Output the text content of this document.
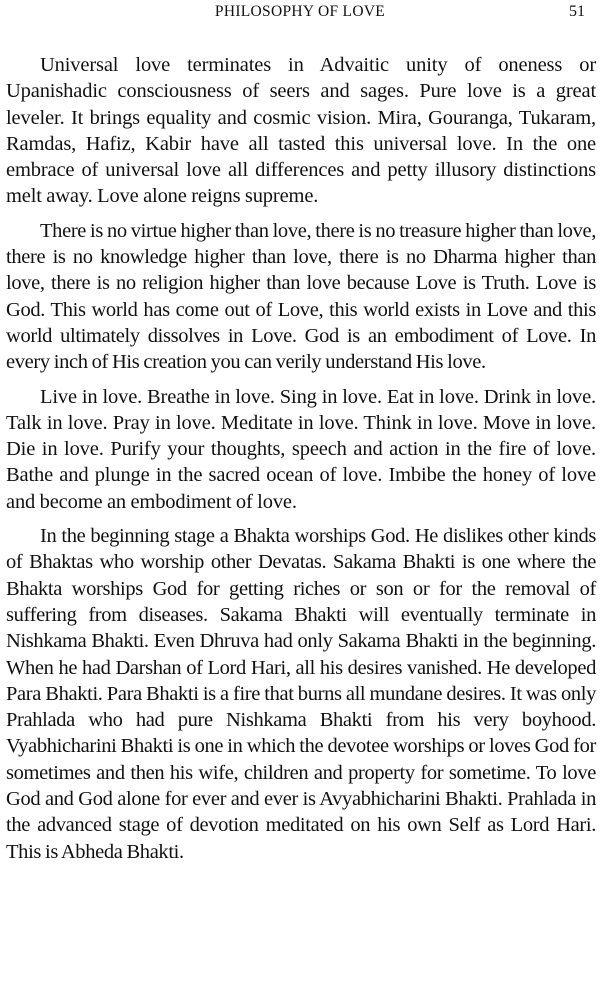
PHILOSOPHY OF LOVE	51

Universal love terminates in Advaitic unity of oneness or Upanishadic consciousness of seers and sages. Pure love is a great leveler. It brings equality and cosmic vision. Mira, Gouranga, Tukaram, Ramdas, Hafiz, Kabir have all tasted this universal love. In the one embrace of universal love all differences and petty illusory distinctions melt away. Love alone reigns supreme.

There is no virtue higher than love, there is no treasure higher than love, there is no knowledge higher than love, there is no Dharma higher than love, there is no religion higher than love because Love is Truth. Love is God. This world has come out of Love, this world exists in Love and this world ultimately dissolves in Love. God is an embodiment of Love. In every inch of His creation you can verily understand His love.

Live in love. Breathe in love. Sing in love. Eat in love. Drink in love. Talk in love. Pray in love. Meditate in love. Think in love. Move in love. Die in love. Purify your thoughts, speech and action in the fire of love. Bathe and plunge in the sacred ocean of love. Imbibe the honey of love and become an embodiment of love.

In the beginning stage a Bhakta worships God. He dislikes other kinds of Bhaktas who worship other Devatas. Sakama Bhakti is one where the Bhakta worships God for getting riches or son or for the removal of suffering from diseases. Sakama Bhakti will eventually terminate in Nishkama Bhakti. Even Dhruva had only Sakama Bhakti in the beginning. When he had Darshan of Lord Hari, all his desires vanished. He developed Para Bhakti. Para Bhakti is a fire that burns all mundane desires. It was only Prahlada who had pure Nishkama Bhakti from his very boyhood. Vyabhicharini Bhakti is one in which the devotee worships or loves God for sometimes and then his wife, children and property for sometime. To love God and God alone for ever and ever is Avyabhicharini Bhakti. Prahlada in the advanced stage of devotion meditated on his own Self as Lord Hari. This is Abheda Bhakti.
